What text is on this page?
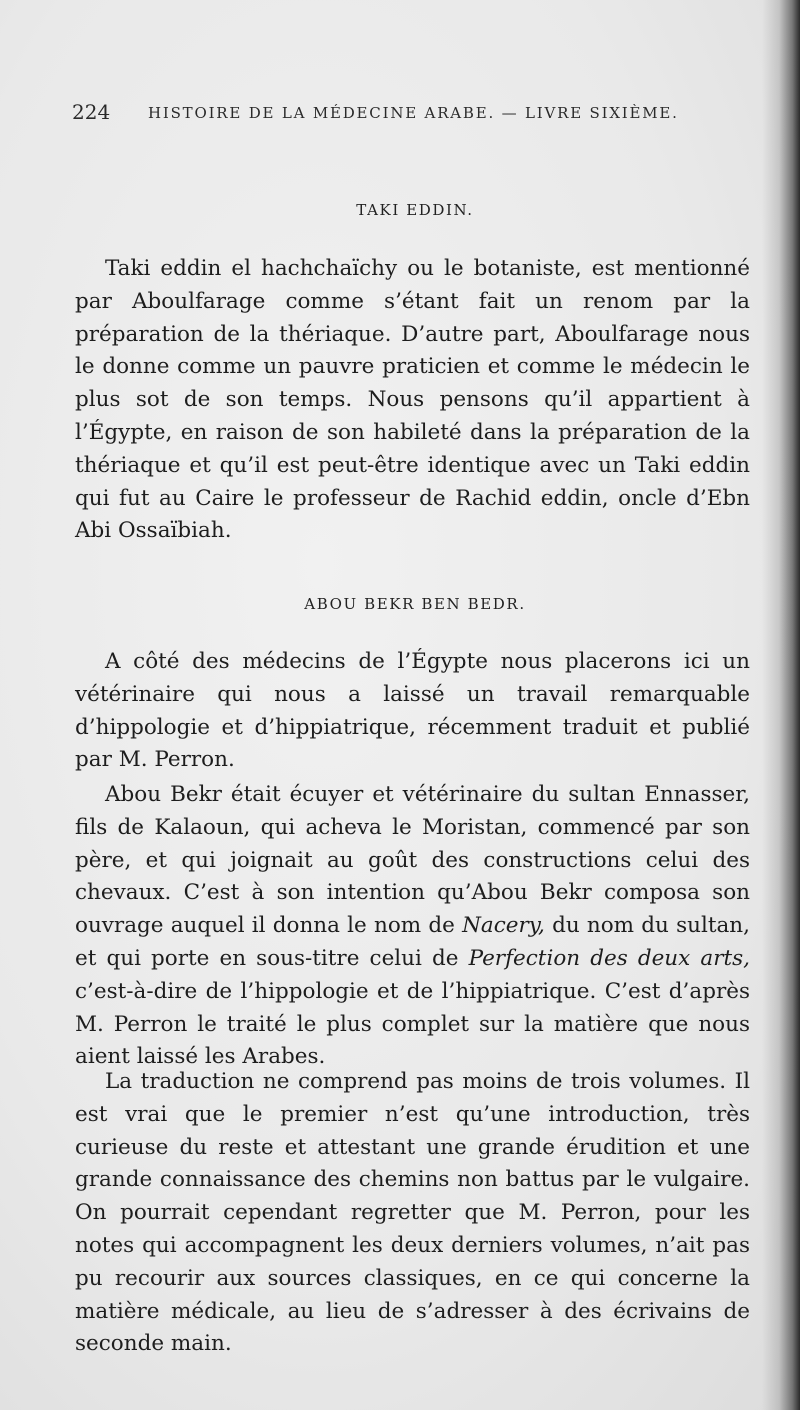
224	HISTOIRE DE LA MÉDECINE ARABE. — LIVRE SIXIÈME.
TAKI EDDIN.

Taki eddin el hachchaïchy ou le botaniste, est mentionné par Aboulfarage comme s’étant fait un renom par la préparation de la thériaque. D’autre part, Aboulfarage nous le donne comme un pauvre praticien et comme le médecin le plus sot de son temps. Nous pensons qu’il appartient à l’Égypte, en raison de son habileté dans la préparation de la thériaque et qu’il est peut-être identique avec un Taki eddin qui fut au Caire le professeur de Rachid eddin, oncle d’Ebn Abi Ossaïbiah.

ABOU BEKR BEN BEDR.

A côté des médecins de l’Égypte nous placerons ici un vétérinaire qui nous a laissé un travail remarquable d’hippologie et d’hippiatrique, récemment traduit et publié par M. Perron.

Abou Bekr était écuyer et vétérinaire du sultan Ennasser, fils de Kalaoun, qui acheva le Moristan, commencé par son père, et qui joignait au goût des constructions celui des chevaux. C’est à son intention qu’Abou Bekr composa son ouvrage auquel il donna le nom de Nacery, du nom du sultan, et qui porte en sous-titre celui de Perfection des deux arts, c’est-à-dire de l’hippologie et de l’hippiatrique. C’est d’après M. Perron le traité le plus complet sur la matière que nous aient laissé les Arabes.

La traduction ne comprend pas moins de trois volumes. Il est vrai que le premier n’est qu’une introduction, très curieuse du reste et attestant une grande érudition et une grande connaissance des chemins non battus par le vulgaire. On pourrait cependant regretter que M. Perron, pour les notes qui accompagnent les deux derniers volumes, n’ait pas pu recourir aux sources classiques, en ce qui concerne la matière médicale, au lieu de s’adresser à des écrivains de seconde main.
